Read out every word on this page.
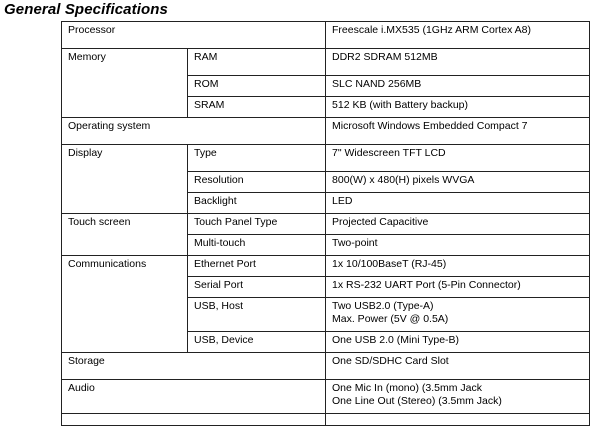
General Specifications
Processor		Freescale i.MX535 (1GHz ARM Cortex A8)
Memory	RAM	DDR2 SDRAM 512MB
	ROM	SLC NAND 256MB
	SRAM	512 KB (with Battery backup)
Operating system		Microsoft Windows Embedded Compact 7
Display	Type	7" Widescreen TFT LCD
	Resolution	800(W) x 480(H) pixels WVGA
	Backlight	LED
Touch screen	Touch Panel Type	Projected Capacitive
	Multi-touch	Two-point
Communications	Ethernet Port	1x 10/100BaseT (RJ-45)
	Serial Port	1x RS-232 UART Port (5-Pin Connector)
	USB, Host	Two USB2.0 (Type-A)
Max. Power (5V @ 0.5A)

	USB, Device	One USB 2.0 (Mini Type-B)
Storage		One SD/SDHC Card Slot
Audio		One Mic In (mono) (3.5mm Jack
One Line Out (Stereo) (3.5mm Jack)
